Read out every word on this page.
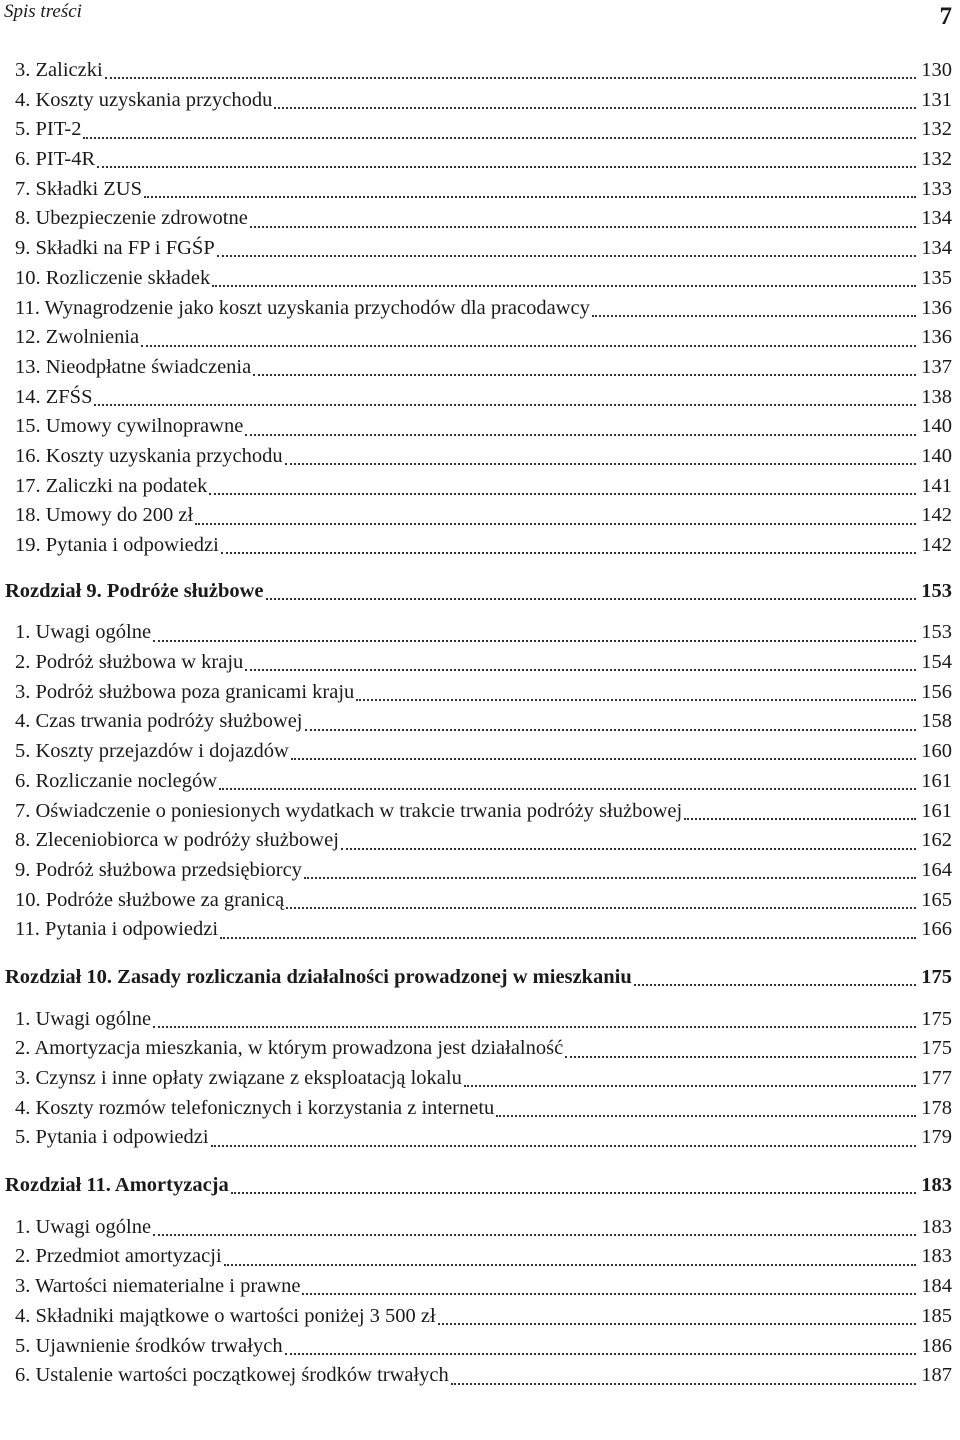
Spis treści	7
3. Zaliczki	130
4. Koszty uzyskania przychodu	131
5. PIT-2	132
6. PIT-4R	132
7. Składki ZUS	133
8. Ubezpieczenie zdrowotne	134
9. Składki na FP i FGŚP	134
10. Rozliczenie składek	135
11. Wynagrodzenie jako koszt uzyskania przychodów dla pracodawcy	136
12. Zwolnienia	136
13. Nieodpłatne świadczenia	137
14. ZFŚS	138
15. Umowy cywilnoprawne	140
16. Koszty uzyskania przychodu	140
17. Zaliczki na podatek	141
18. Umowy do 200 zł	142
19. Pytania i odpowiedzi	142
Rozdział 9. Podróże służbowe	153
1. Uwagi ogólne	153
2. Podróż służbowa w kraju	154
3. Podróż służbowa poza granicami kraju	156
4. Czas trwania podróży służbowej	158
5. Koszty przejazdów i dojazdów	160
6. Rozliczanie noclegów	161
7. Oświadczenie o poniesionych wydatkach w trakcie trwania podróży służbowej	161
8. Zleceniobiorca w podróży służbowej	162
9. Podróż służbowa przedsiębiorcy	164
10. Podróże służbowe za granicą	165
11. Pytania i odpowiedzi	166
Rozdział 10. Zasady rozliczania działalności prowadzonej w mieszkaniu	175
1. Uwagi ogólne	175
2. Amortyzacja mieszkania, w którym prowadzona jest działalność	175
3. Czynsz i inne opłaty związane z eksploatacją lokalu	177
4. Koszty rozmów telefonicznych i korzystania z internetu	178
5. Pytania i odpowiedzi	179
Rozdział 11. Amortyzacja	183
1. Uwagi ogólne	183
2. Przedmiot amortyzacji	183
3. Wartości niematerialne i prawne	184
4. Składniki majątkowe o wartości poniżej 3 500 zł	185
5. Ujawnienie środków trwałych	186
6. Ustalenie wartości początkowej środków trwałych	187
